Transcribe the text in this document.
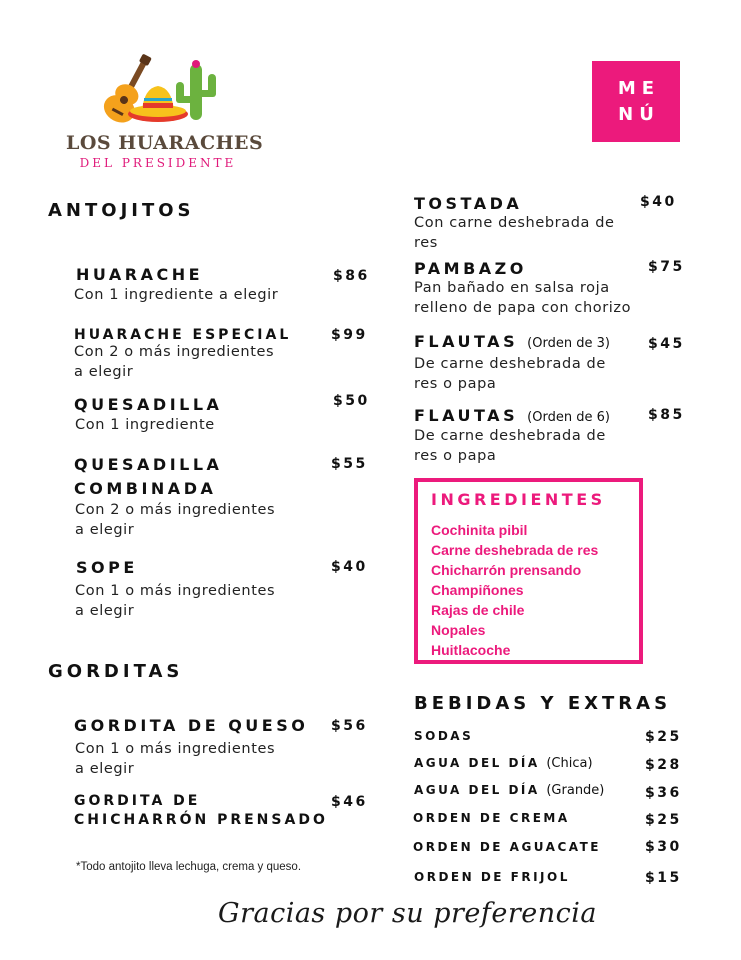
LOS HUARACHES
DEL PRESIDENTE
ME
NÚ
ANTOJITOS
HUARACHE	$86
Con 1 ingrediente a elegir
HUARACHE ESPECIAL	$99
Con 2 o más ingredientes
a elegir
QUESADILLA	$50
Con 1 ingrediente
QUESADILLA
COMBINADA
$55
Con 2 o más ingredientes
a elegir
SOPE	$40
Con 1 o más ingredientes
a elegir
GORDITAS
GORDITA DE QUESO $56
Con 1 o más ingredientes
a elegir
GORDITA DE
CHICHARRÓN PRENSADO
$46
*Todo antojito lleva lechuga, crema y queso.
TOSTADA	$40
Con carne deshebrada de
res
PAMBAZO	$75
Pan bañado en salsa roja
relleno de papa con chorizo
FLAUTAS (Orden de 3)	$45
De carne deshebrada de
res o papa
FLAUTAS (Orden de 6)	$85
De carne deshebrada de
res o papa
INGREDIENTES
Cochinita pibil
Carne deshebrada de res
Chicharrón prensando
Champiñones
Rajas de chile
Nopales
Huitlacoche
BEBIDAS Y EXTRAS
SODAS	$25
AGUA DEL DÍA (Chica)	$28
AGUA DEL DÍA (Grande)	$36
ORDEN DE CREMA	$25
ORDEN DE AGUACATE	$30
ORDEN DE FRIJOL	$15
Gracias por su preferencia
